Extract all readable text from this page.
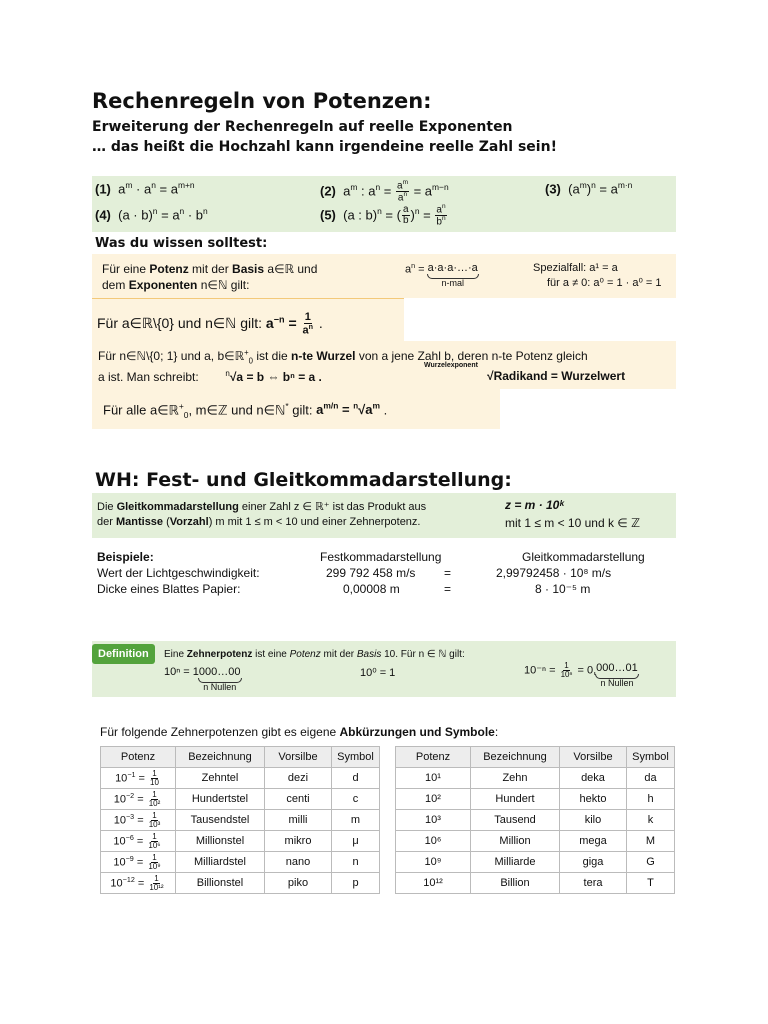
Rechenregeln von Potenzen:
Erweiterung der Rechenregeln auf reelle Exponenten
… das heißt die Hochzahl kann irgendeine reelle Zahl sein!
(1)  $a^m \cdot a^n = a^{m+n}$	(2)  $a^m$ : $a^n = \frac{a^m}{a^n} = a^{m-n}$	(3)  $(a^m)^n = a^{m\cdot n}$
(4)  $(a \cdot b)^n = a^n \cdot b^n$	(5)  (a : b)$^n$ = ( $\frac{a}{b} )^n = \frac{a^n}{b^n}$
Was du wissen solltest:
Für eine Potenz mit der Basis a∈ℝ und
dem Exponenten n∈ℕ gilt:
$a^n$ = a·a·a·…·a
n-mal
Spezialfall: a¹ = a
für a ≠ 0: a⁰ = 1 · a⁰ = 1
Für a∈ℝ\{0} und n∈ℕ gilt: $a^{-n} = \frac{1}{a^n}$ .
Für n∈ℕ\{0; 1} und a, b∈ℝ+$_0$ ist die n-te Wurzel von a jene Zahl b, deren n-te Potenz gleich
a ist. Man schreibt:	$^n$√a = b ⇔ bⁿ = a .
Wurzelexponent
√Radikand = Wurzelwert
Für alle a∈ℝ+$_0$, m∈ℤ und n∈ℕ* gilt: $a^{m/n} = ^n√a^m$ .
WH: Fest- und Gleitkommadarstellung:
Die Gleitkommadarstellung einer Zahl z ∈ ℝ⁺ ist das Produkt aus
der Mantisse (Vorzahl) m mit 1 ≤ m < 10 und einer Zehnerpotenz.
z = m · 10ᵏ
mit 1 ≤ m < 10 und k ∈ ℤ
Beispiele:	Festkommadarstellung	Gleitkommadarstellung
Wert der Lichtgeschwindigkeit:	299 792 458 m/s =	2,99792458 · 10⁸ m/s
Dicke eines Blattes Papier:	0,00008 m	=	8 · 10⁻⁵ m
Definition	Eine Zehnerpotenz ist eine Potenz mit der Basis 10. Für n ∈ ℕ gilt:
10ⁿ = 1 000…00
n Nullen
10⁰ = 1	$10^{-n} = \frac{1}{\text{10ⁿ}} = 0$, 000…01
n Nullen
Für folgende Zehnerpotenzen gibt es eigene Abkürzungen und Symbole:
Potenz	Bezeichnung	Vorsilbe	Symbol
$10^{-1} = \frac{1}{10}$	Zehntel	dezi	d
$10^{-2} = \frac{1}{\text{10²}}$	Hundertstel	centi	c
$10^{-3} = \frac{1}{\text{10³}}$	Tausendstel	milli	m
$10^{-6} = \frac{1}{\text{10⁶}}$	Millionstel	mikro	μ
$10^{-9} = \frac{1}{\text{10⁹}}$	Milliardstel	nano	n
$10^{-12} = \frac{1}{\text{10¹²}}$	Billionstel	piko	p
Potenz	Bezeichnung	Vorsilbe	Symbol
10¹	Zehn	deka	da
10²	Hundert	hekto	h
10³	Tausend	kilo	k
10⁶	Million	mega	M
10⁹	Milliarde	giga	G
10¹²	Billion	tera	T
